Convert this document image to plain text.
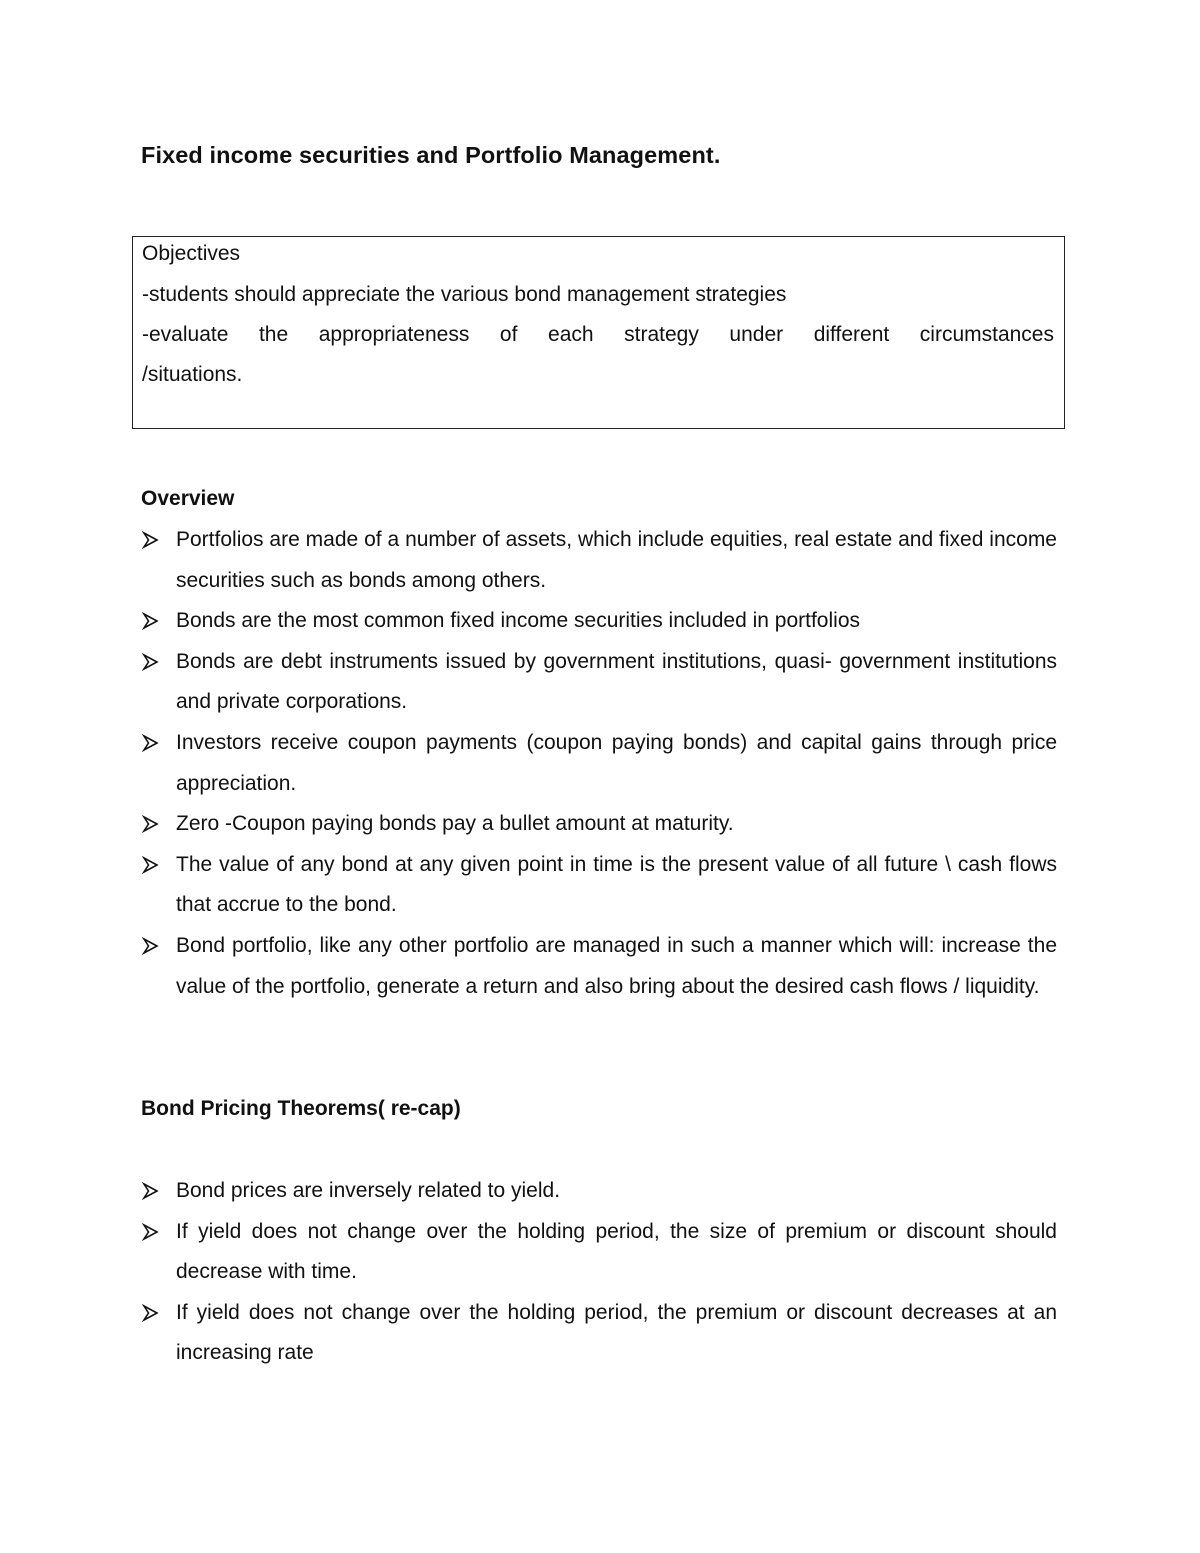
Fixed income securities and Portfolio Management.
Objectives
-students should appreciate the various bond management strategies
-evaluate the appropriateness of each strategy under different circumstances
/situations.
Overview
Portfolios are made of a number of assets, which include equities, real estate and fixed income securities such as bonds among others.
Bonds are the most common fixed income securities included in portfolios
Bonds are debt instruments issued by government institutions, quasi- government institutions and private corporations.
Investors receive coupon payments (coupon paying bonds) and capital gains through price appreciation.
Zero -Coupon paying bonds pay a bullet amount at maturity.
The value of any bond at any given point in time is the present value of all future \ cash flows that accrue to the bond.
Bond portfolio, like any other portfolio are managed in such a manner which will: increase the value of the portfolio, generate a return and also bring about the desired cash flows / liquidity.
Bond Pricing Theorems( re-cap)
Bond prices are inversely related to yield.
If yield does not change over the holding period, the size of premium or discount should decrease with time.
If yield does not change over the holding period, the premium or discount decreases at an increasing rate
